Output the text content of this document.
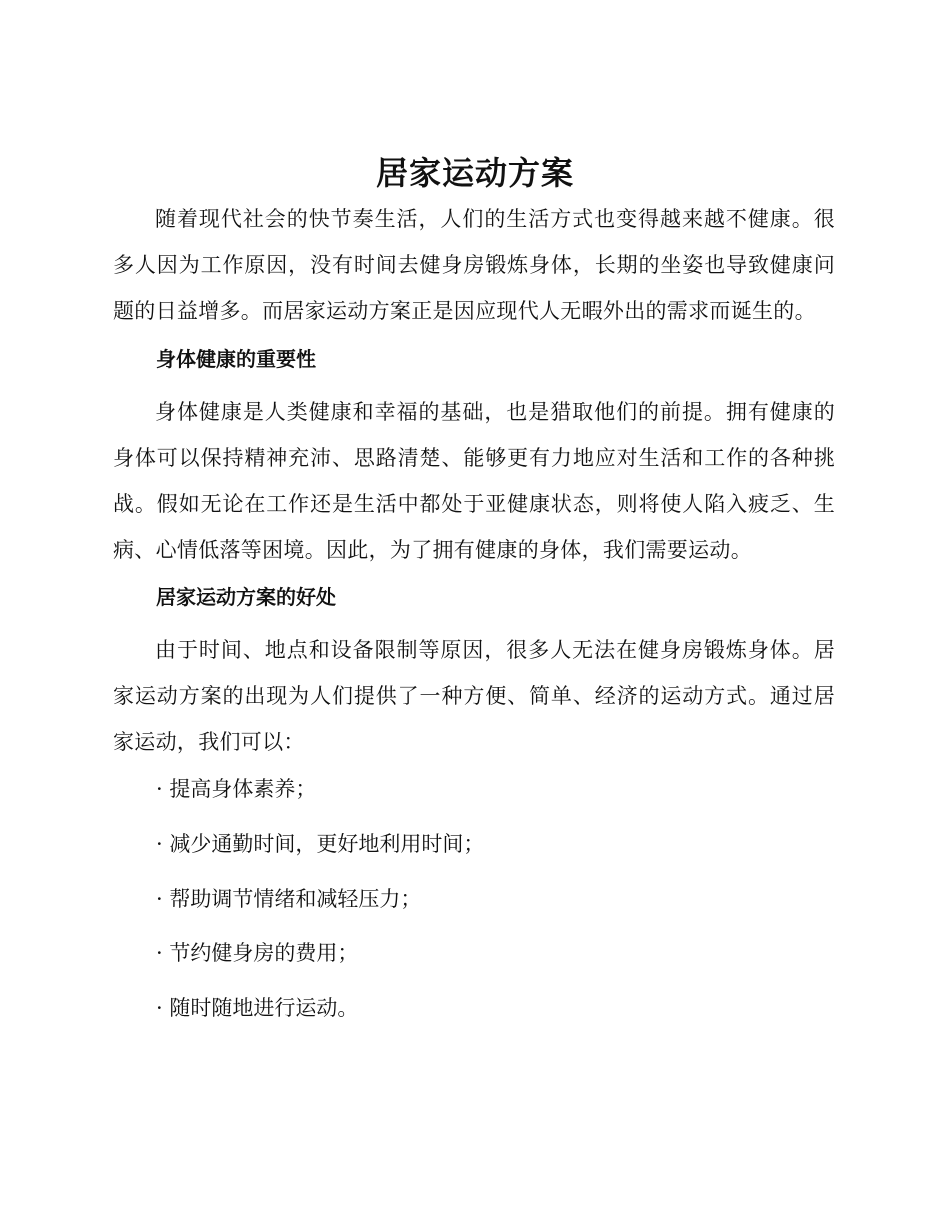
居家运动方案

随着现代社会的快节奏生活，人们的生活方式也变得越来越不健康。很多人因为工作原因，没有时间去健身房锻炼身体，长期的坐姿也导致健康问题的日益增多。而居家运动方案正是因应现代人无暇外出的需求而诞生的。

身体健康的重要性

身体健康是人类健康和幸福的基础，也是猎取他们的前提。拥有健康的身体可以保持精神充沛、思路清楚、能够更有力地应对生活和工作的各种挑战。假如无论在工作还是生活中都处于亚健康状态，则将使人陷入疲乏、生病、心情低落等困境。因此，为了拥有健康的身体，我们需要运动。

居家运动方案的好处

由于时间、地点和设备限制等原因，很多人无法在健身房锻炼身体。居家运动方案的出现为人们提供了一种方便、简单、经济的运动方式。通过居家运动，我们可以：

· 提高身体素养；

· 减少通勤时间，更好地利用时间；

· 帮助调节情绪和减轻压力；

· 节约健身房的费用；

· 随时随地进行运动。
